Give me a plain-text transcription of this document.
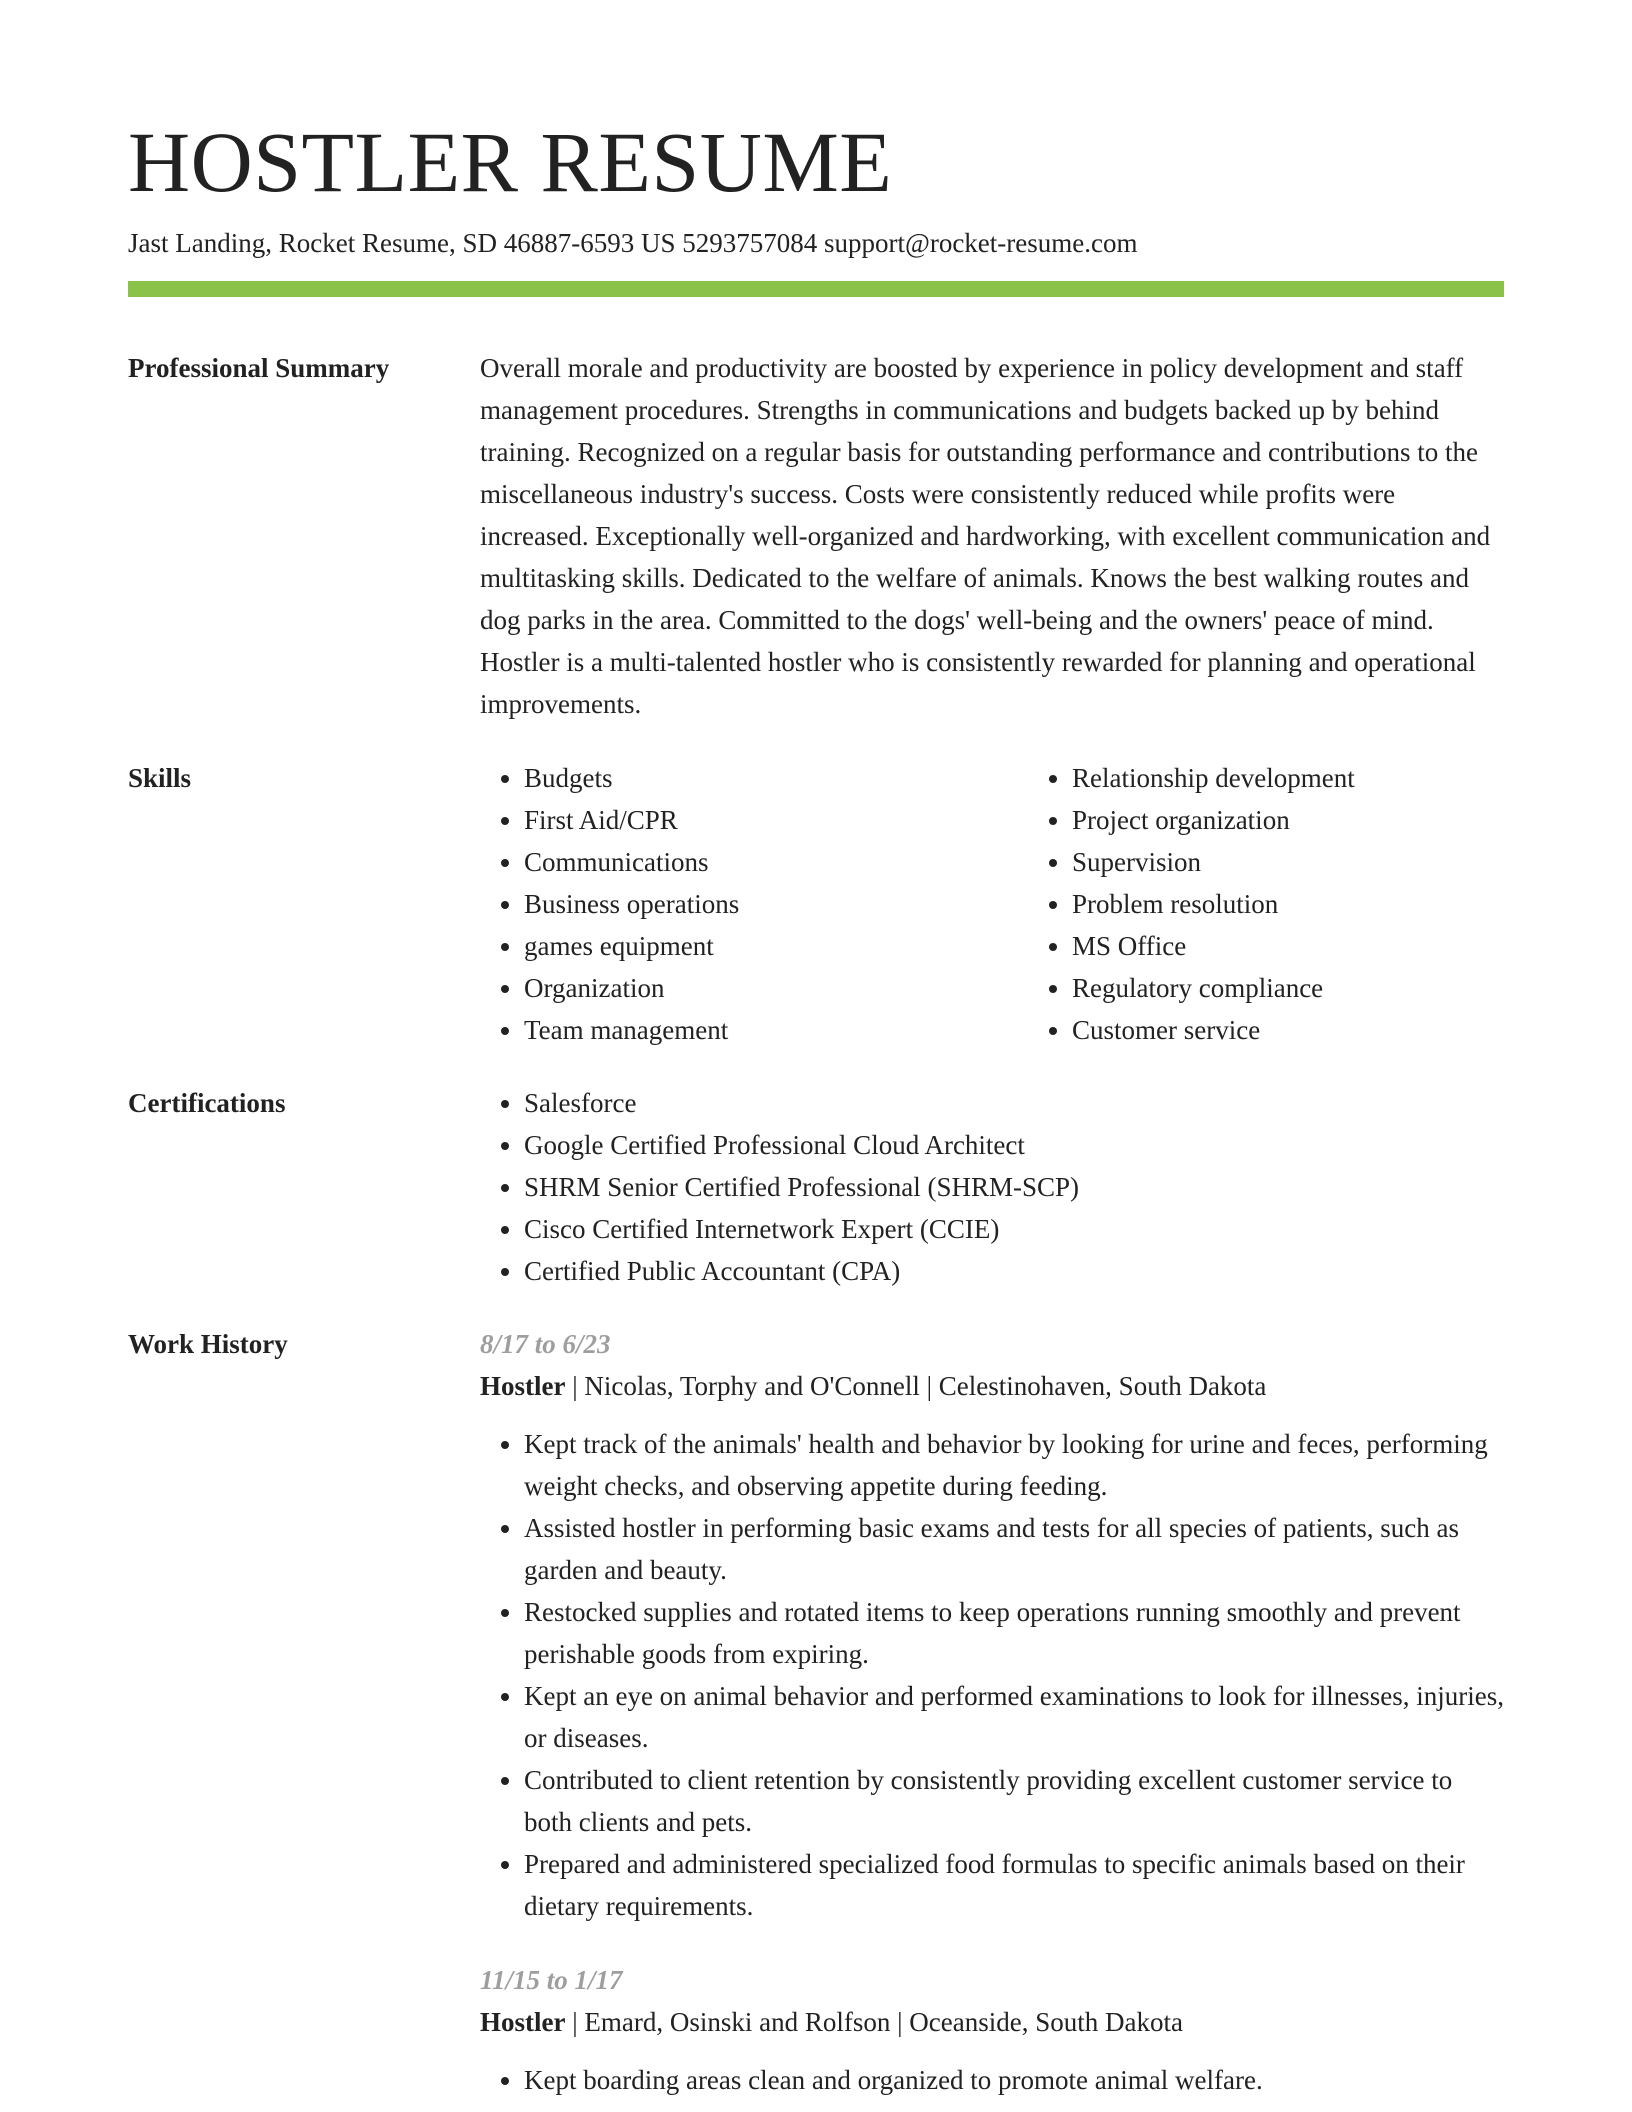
HOSTLER RESUME
Jast Landing, Rocket Resume, SD 46887-6593 US 5293757084 support@rocket-resume.com
Professional Summary	Overall morale and productivity are boosted by experience in policy development and staff management procedures. Strengths in communications and budgets backed up by behind training. Recognized on a regular basis for outstanding performance and contributions to the miscellaneous industry's success. Costs were consistently reduced while profits were increased. Exceptionally well-organized and hardworking, with excellent communication and multitasking skills. Dedicated to the welfare of animals. Knows the best walking routes and dog parks in the area. Committed to the dogs' well-being and the owners' peace of mind. Hostler is a multi-talented hostler who is consistently rewarded for planning and operational improvements.
Skills	• Budgets
• First Aid/CPR
• Communications
• Business operations
• games equipment
• Organization
• Team management
• Relationship development
• Project organization
• Supervision
• Problem resolution
• MS Office
• Regulatory compliance
• Customer service
Certifications	• Salesforce
• Google Certified Professional Cloud Architect
• SHRM Senior Certified Professional (SHRM-SCP)
• Cisco Certified Internetwork Expert (CCIE)
• Certified Public Accountant (CPA)
Work History	8/17 to 6/23
Hostler | Nicolas, Torphy and O'Connell | Celestinohaven, South Dakota
• Kept track of the animals' health and behavior by looking for urine and feces, performing weight checks, and observing appetite during feeding.
• Assisted hostler in performing basic exams and tests for all species of patients, such as garden and beauty.
• Restocked supplies and rotated items to keep operations running smoothly and prevent perishable goods from expiring.
• Kept an eye on animal behavior and performed examinations to look for illnesses, injuries, or diseases.
• Contributed to client retention by consistently providing excellent customer service to both clients and pets.
• Prepared and administered specialized food formulas to specific animals based on their dietary requirements.
11/15 to 1/17
Hostler | Emard, Osinski and Rolfson | Oceanside, South Dakota
• Kept boarding areas clean and organized to promote animal welfare.
